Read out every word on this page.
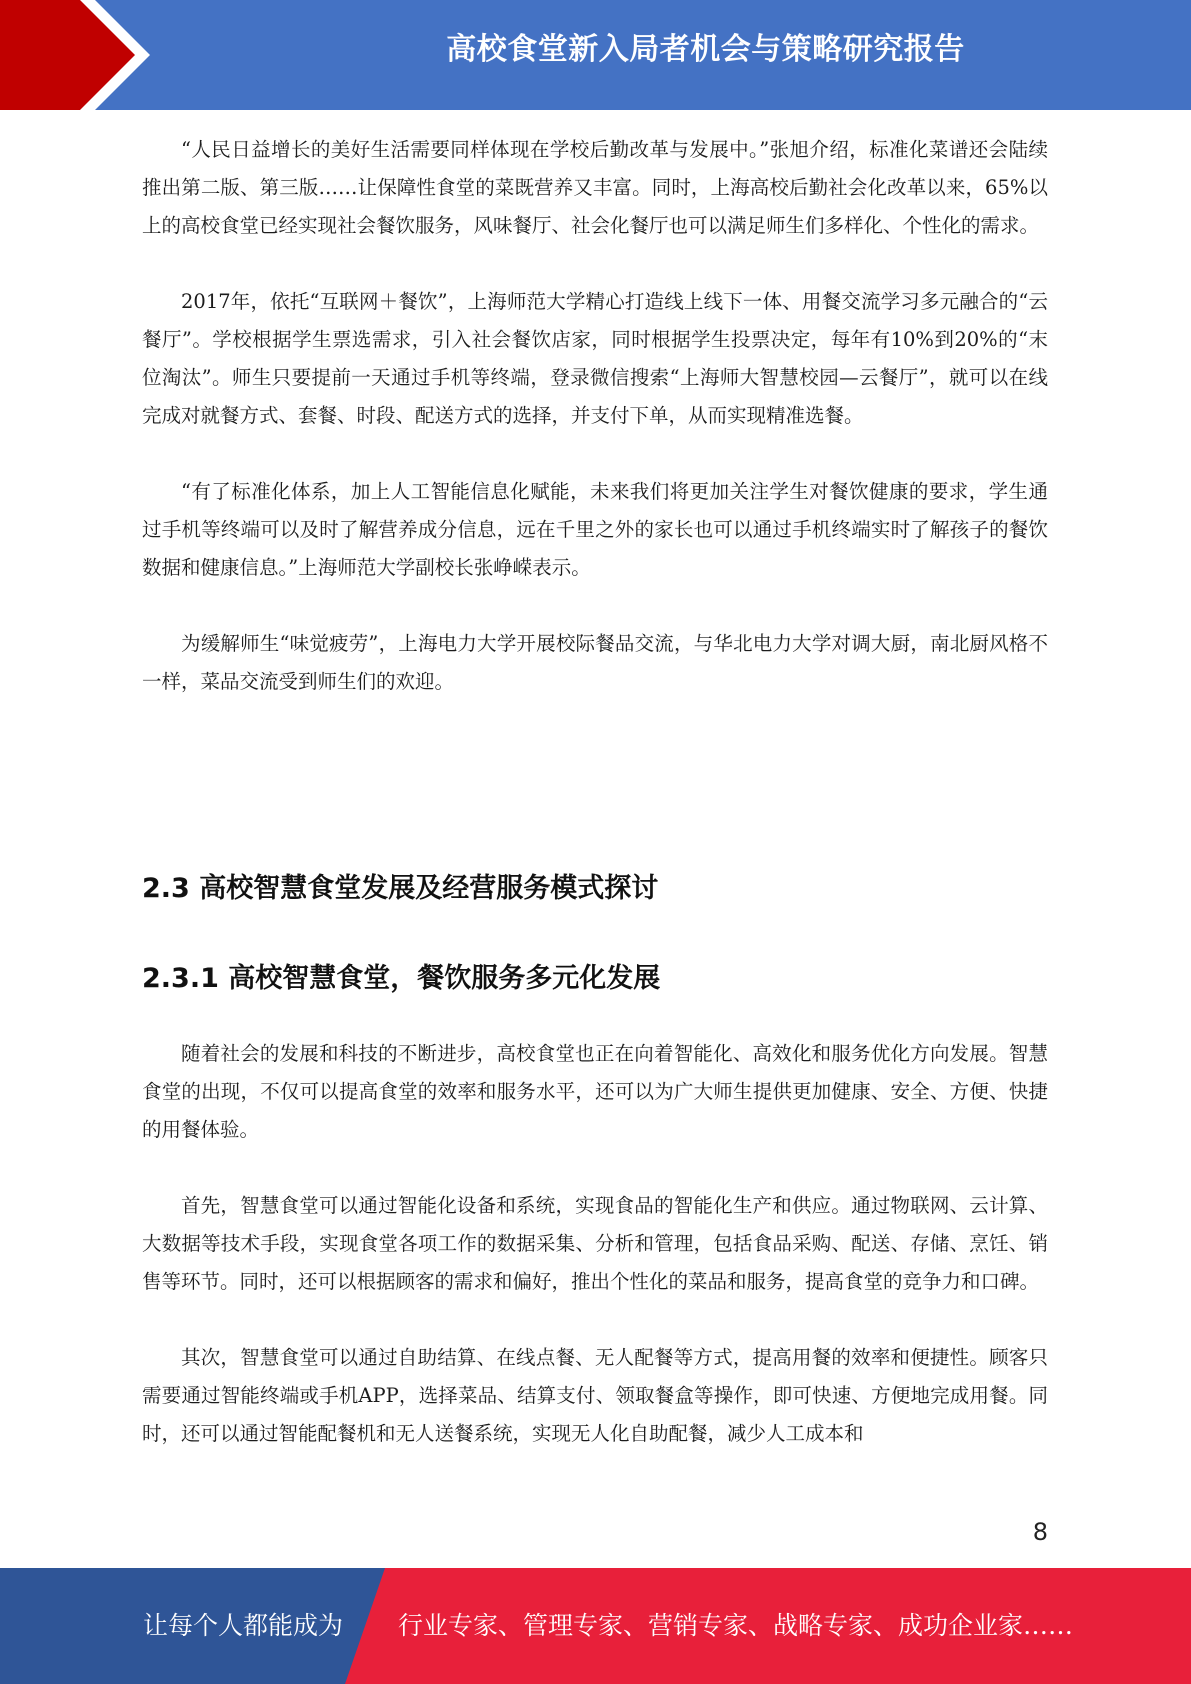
高校食堂新入局者机会与策略研究报告

“人民日益增长的美好生活需要同样体现在学校后勤改革与发展中。”张旭介绍，标准化菜谱还会陆续推出第二版、第三版……让保障性食堂的菜既营养又丰富。同时，上海高校后勤社会化改革以来，65%以上的高校食堂已经实现社会餐饮服务，风味餐厅、社会化餐厅也可以满足师生们多样化、个性化的需求。

2017年，依托“互联网＋餐饮”，上海师范大学精心打造线上线下一体、用餐交流学习多元融合的“云餐厅”。学校根据学生票选需求，引入社会餐饮店家，同时根据学生投票决定，每年有10%到20%的“末位淘汰”。师生只要提前一天通过手机等终端，登录微信搜索“上海师大智慧校园—云餐厅”，就可以在线完成对就餐方式、套餐、时段、配送方式的选择，并支付下单，从而实现精准选餐。

“有了标准化体系，加上人工智能信息化赋能，未来我们将更加关注学生对餐饮健康的要求，学生通过手机等终端可以及时了解营养成分信息，远在千里之外的家长也可以通过手机终端实时了解孩子的餐饮数据和健康信息。”上海师范大学副校长张峥嵘表示。

为缓解师生“味觉疲劳”，上海电力大学开展校际餐品交流，与华北电力大学对调大厨，南北厨风格不一样，菜品交流受到师生们的欢迎。

2.3 高校智慧食堂发展及经营服务模式探讨
2.3.1 高校智慧食堂，餐饮服务多元化发展

随着社会的发展和科技的不断进步，高校食堂也正在向着智能化、高效化和服务优化方向发展。智慧食堂的出现，不仅可以提高食堂的效率和服务水平，还可以为广大师生提供更加健康、安全、方便、快捷的用餐体验。

首先，智慧食堂可以通过智能化设备和系统，实现食品的智能化生产和供应。通过物联网、云计算、大数据等技术手段，实现食堂各项工作的数据采集、分析和管理，包括食品采购、配送、存储、烹饪、销售等环节。同时，还可以根据顾客的需求和偏好，推出个性化的菜品和服务，提高食堂的竞争力和口碑。

其次，智慧食堂可以通过自助结算、在线点餐、无人配餐等方式，提高用餐的效率和便捷性。顾客只需要通过智能终端或手机APP，选择菜品、结算支付、领取餐盒等操作，即可快速、方便地完成用餐。同时，还可以通过智能配餐机和无人送餐系统，实现无人化自助配餐，减少人工成本和

8
让每个人都能成为 行业专家、管理专家、营销专家、战略专家、成功企业家……
